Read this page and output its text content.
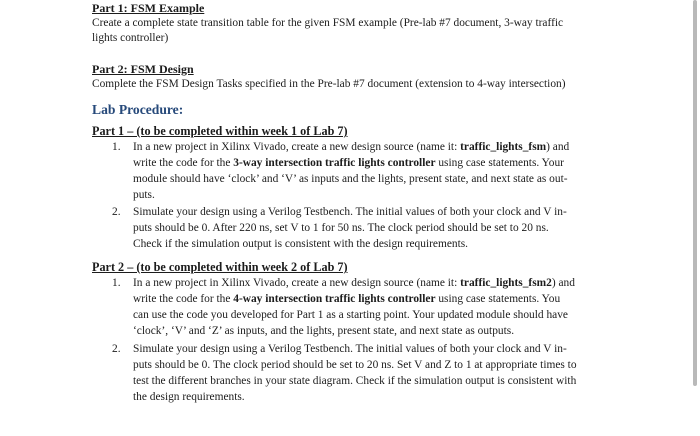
Part 1: FSM Example
Create a complete state transition table for the given FSM example (Pre-lab #7 document, 3-way traffic
lights controller)
Part 2: FSM Design
Complete the FSM Design Tasks specified in the Pre-lab #7 document (extension to 4-way intersection)
Lab Procedure:
Part 1 – (to be completed within week 1 of Lab 7)
1. In a new project in Xilinx Vivado, create a new design source (name it: traffic_lights_fsm) and
write the code for the 3-way intersection traffic lights controller using case statements. Your
module should have ‘clock’ and ‘V’ as inputs and the lights, present state, and next state as out-
puts.
2. Simulate your design using a Verilog Testbench. The initial values of both your clock and V in-
puts should be 0. After 220 ns, set V to 1 for 50 ns. The clock period should be set to 20 ns.
Check if the simulation output is consistent with the design requirements.
Part 2 – (to be completed within week 2 of Lab 7)
1. In a new project in Xilinx Vivado, create a new design source (name it: traffic_lights_fsm2) and
write the code for the 4-way intersection traffic lights controller using case statements. You
can use the code you developed for Part 1 as a starting point. Your updated module should have
‘clock’, ‘V’ and ‘Z’ as inputs, and the lights, present state, and next state as outputs.
2. Simulate your design using a Verilog Testbench. The initial values of both your clock and V in-
puts should be 0. The clock period should be set to 20 ns. Set V and Z to 1 at appropriate times to
test the different branches in your state diagram. Check if the simulation output is consistent with
the design requirements.
